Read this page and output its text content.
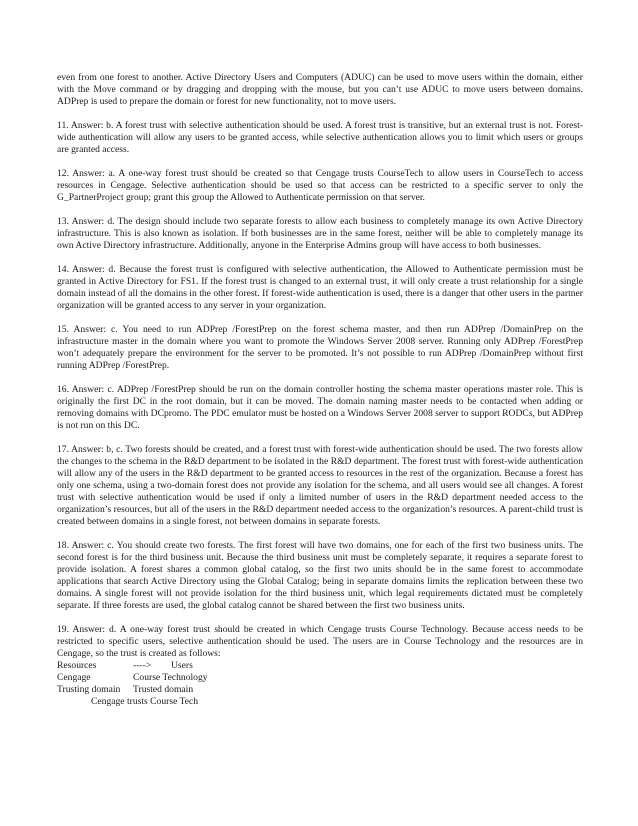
even from one forest to another. Active Directory Users and Computers (ADUC) can be used to move users within the domain, either with the Move command or by dragging and dropping with the mouse, but you can’t use ADUC to move users between domains. ADPrep is used to prepare the domain or forest for new functionality, not to move users.

11. Answer: b. A forest trust with selective authentication should be used. A forest trust is transitive, but an external trust is not. Forest-wide authentication will allow any users to be granted access, while selective authentication allows you to limit which users or groups are granted access.

12. Answer: a. A one-way forest trust should be created so that Cengage trusts CourseTech to allow users in CourseTech to access resources in Cengage. Selective authentication should be used so that access can be restricted to a specific server to only the G_PartnerProject group; grant this group the Allowed to Authenticate permission on that server.

13. Answer: d. The design should include two separate forests to allow each business to completely manage its own Active Directory infrastructure. This is also known as isolation. If both businesses are in the same forest, neither will be able to completely manage its own Active Directory infrastructure. Additionally, anyone in the Enterprise Admins group will have access to both businesses.

14. Answer: d. Because the forest trust is configured with selective authentication, the Allowed to Authenticate permission must be granted in Active Directory for FS1. If the forest trust is changed to an external trust, it will only create a trust relationship for a single domain instead of all the domains in the other forest. If forest-wide authentication is used, there is a danger that other users in the partner organization will be granted access to any server in your organization.

15. Answer: c. You need to run ADPrep /ForestPrep on the forest schema master, and then run ADPrep /DomainPrep on the infrastructure master in the domain where you want to promote the Windows Server 2008 server. Running only ADPrep /ForestPrep won’t adequately prepare the environment for the server to be promoted. It’s not possible to run ADPrep /DomainPrep without first running ADPrep /ForestPrep.

16. Answer: c. ADPrep /ForestPrep should be run on the domain controller hosting the schema master operations master role. This is originally the first DC in the root domain, but it can be moved. The domain naming master needs to be contacted when adding or removing domains with DCpromo. The PDC emulator must be hosted on a Windows Server 2008 server to support RODCs, but ADPrep is not run on this DC.

17. Answer: b, c. Two forests should be created, and a forest trust with forest-wide authentication should be used. The two forests allow the changes to the schema in the R&D department to be isolated in the R&D department. The forest trust with forest-wide authentication will allow any of the users in the R&D department to be granted access to resources in the rest of the organization. Because a forest has only one schema, using a two-domain forest does not provide any isolation for the schema, and all users would see all changes. A forest trust with selective authentication would be used if only a limited number of users in the R&D department needed access to the organization’s resources, but all of the users in the R&D department needed access to the organization’s resources. A parent-child trust is created between domains in a single forest, not between domains in separate forests.

18. Answer: c. You should create two forests. The first forest will have two domains, one for each of the first two business units. The second forest is for the third business unit. Because the third business unit must be completely separate, it requires a separate forest to provide isolation. A forest shares a common global catalog, so the first two units should be in the same forest to accommodate applications that search Active Directory using the Global Catalog; being in separate domains limits the replication between these two domains. A single forest will not provide isolation for the third business unit, which legal requirements dictated must be completely separate. If three forests are used, the global catalog cannot be shared between the first two business units.

19. Answer: d. A one-way forest trust should be created in which Cengage trusts Course Technology. Because access needs to be restricted to specific users, selective authentication should be used. The users are in Course Technology and the resources are in Cengage, so the trust is created as follows:

Resources	---->	Users
Cengage	Course Technology
Trusting domain	Trusted domain
Cengage trusts Course Tech
